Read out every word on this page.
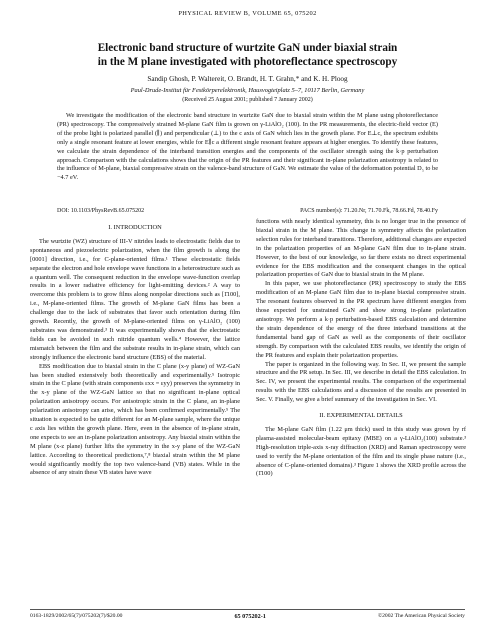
PHYSICAL REVIEW B, VOLUME 65, 075202
Electronic band structure of wurtzite GaN under biaxial strain
in the M plane investigated with photoreflectance spectroscopy
Sandip Ghosh, P. Waltereit, O. Brandt, H. T. Grahn,* and K. H. Ploog
Paul-Drude-Institut für Festkörperelektronik, Hausvogteiplatz 5–7, 10117 Berlin, Germany
(Received 25 August 2001; published 7 January 2002)

We investigate the modification of the electronic band structure in wurtzite GaN due to biaxial strain within the M plane using photoreflectance (PR) spectroscopy. The compressively strained M-plane GaN film is grown on γ-LiAlO₂ (100). In the PR measurements, the electric-field vector (E) of the probe light is polarized parallel (∥) and perpendicular (⊥) to the c axis of GaN which lies in the growth plane. For E⊥c, the spectrum exhibits only a single resonant feature at lower energies, while for E∥c a different single resonant feature appears at higher energies. To identify these features, we calculate the strain dependence of the interband transition energies and the components of the oscillator strength using the k·p perturbation approach. Comparison with the calculations shows that the origin of the PR features and their significant in-plane polarization anisotropy is related to the influence of M-plane, biaxial compressive strain on the valence-band structure of GaN. We estimate the value of the deformation potential D₅ to be −4.7 eV.

DOI: 10.1103/PhysRevB.65.075202	PACS number(s): 71.20.Nr, 71.70.Fk, 78.66.Fd, 78.40.Fy
I. INTRODUCTION

The wurtzite (WZ) structure of III-V nitrides leads to electrostatic fields due to spontaneous and piezoelectric polarization, when the film growth is along the [0001] direction, i.e., for C-plane-oriented films.¹ These electrostatic fields separate the electron and hole envelope wave functions in a heterostructure such as a quantum well. The consequent reduction in the envelope wave-function overlap results in a lower radiative efficiency for light-emitting devices.² A way to overcome this problem is to grow films along nonpolar directions such as [1̄100], i.e., M-plane-oriented films. The growth of M-plane GaN films has been a challenge due to the lack of substrates that favor such orientation during film growth. Recently, the growth of M-plane-oriented films on γ-LiAlO₂ (100) substrates was demonstrated.³ It was experimentally shown that the electrostatic fields can be avoided in such nitride quantum wells.⁴ However, the lattice mismatch between the film and the substrate results in in-plane strain, which can strongly influence the electronic band structure (EBS) of the material.

EBS modification due to biaxial strain in the C plane (x-y plane) of WZ-GaN has been studied extensively both theoretically and experimentally.⁵ Isotropic strain in the C plane (with strain components εxx = εyy) preserves the symmetry in the x-y plane of the WZ-GaN lattice so that no significant in-plane optical polarization anisotropy occurs. For anisotropic strain in the C plane, an in-plane polarization anisotropy can arise, which has been confirmed experimentally.⁵ The situation is expected to be quite different for an M-plane sample, where the unique c axis lies within the growth plane. Here, even in the absence of in-plane strain, one expects to see an in-plane polarization anisotropy. Any biaxial strain within the M plane (x-z plane) further lifts the symmetry in the x-y plane of the WZ-GaN lattice. According to theoretical predictions,⁷,⁸ biaxial strain within the M plane would significantly modify the top two valence-band (VB) states. While in the absence of any strain these VB states have wave

functions with nearly identical symmetry, this is no longer true in the presence of biaxial strain in the M plane. This change in symmetry affects the polarization selection rules for interband transitions. Therefore, additional changes are expected in the polarization properties of an M-plane GaN film due to in-plane strain. However, to the best of our knowledge, so far there exists no direct experimental evidence for the EBS modification and the consequent changes in the optical polarization properties of GaN due to biaxial strain in the M plane.

In this paper, we use photoreflectance (PR) spectroscopy to study the EBS modification of an M-plane GaN film due to in-plane biaxial compressive strain. The resonant features observed in the PR spectrum have different energies from those expected for unstrained GaN and show strong in-plane polarization anisotropy. We perform a k·p perturbation-based EBS calculation and determine the strain dependence of the energy of the three interband transitions at the fundamental band gap of GaN as well as the components of their oscillator strength. By comparison with the calculated EBS results, we identify the origin of the PR features and explain their polarization properties.

The paper is organized in the following way. In Sec. II, we present the sample structure and the PR setup. In Sec. III, we describe in detail the EBS calculation. In Sec. IV, we present the experimental results. The comparison of the experimental results with the EBS calculations and a discussion of the results are presented in Sec. V. Finally, we give a brief summary of the investigation in Sec. VI.

II. EXPERIMENTAL DETAILS

The M-plane GaN film (1.22 μm thick) used in this study was grown by rf plasma-assisted molecular-beam epitaxy (MBE) on a γ-LiAlO₂(100) substrate.³ High-resolution triple-axis x-ray diffraction (XRD) and Raman spectroscopy were used to verify the M-plane orientation of the film and its single phase nature (i.e., absence of C-plane-oriented domains).³ Figure 1 shows the XRD profile across the (1̄100)

0163-1829/2002/65(7)/075202(7)/$20.00	65 075202-1	©2002 The American Physical Society
